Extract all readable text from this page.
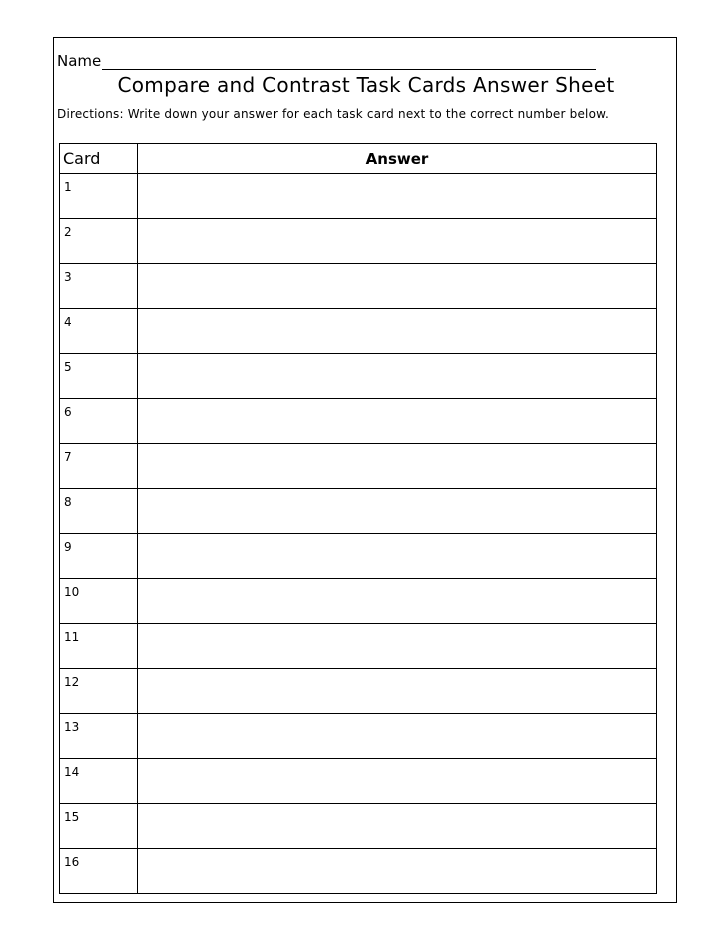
Name
Compare and Contrast Task Cards Answer Sheet
Directions: Write down your answer for each task card next to the correct number below.
Card	Answer
1	
2	
3	
4	
5	
6	
7	
8	
9	
10	
11	
12	
13	
14	
15	
16	
